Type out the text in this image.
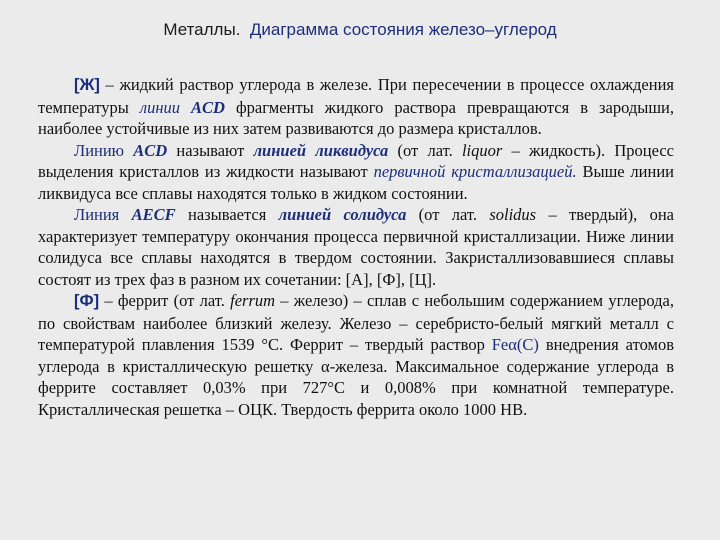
Металлы. Диаграмма состояния железо–углерод

[Ж] – жидкий раствор углерода в железе. При пересечении в процессе охлаждения температуры линии ACD фрагменты жидкого раствора превращаются в зародыши, наиболее устойчивые из них затем развиваются до размера кристаллов.

Линию ACD называют линией ликвидуса (от лат. liquor – жидкость). Процесс выделения кристаллов из жидкости называют первичной кристаллизацией. Выше линии ликвидуса все сплавы находятся только в жидком состоянии.

Линия AECF называется линией солидуса (от лат. solidus – твердый), она характеризует температуру окончания процесса первичной кристаллизации. Ниже линии солидуса все сплавы находятся в твердом состоянии. Закристаллизовавшиеся сплавы состоят из трех фаз в разном их сочетании: [А], [Ф], [Ц].

[Ф] – феррит (от лат. ferrum – железо) – сплав с небольшим содержанием углерода, по свойствам наиболее близкий железу. Железо – серебристо-белый мягкий металл с температурой плавления 1539 °С. Феррит – твердый раствор Feα(С) внедрения атомов углерода в кристаллическую решетку α-железа. Максимальное содержание углерода в феррите составляет 0,03% при 727°С и 0,008% при комнатной температуре. Кристаллическая решетка – ОЦК. Твердость феррита около 1000 НВ.
